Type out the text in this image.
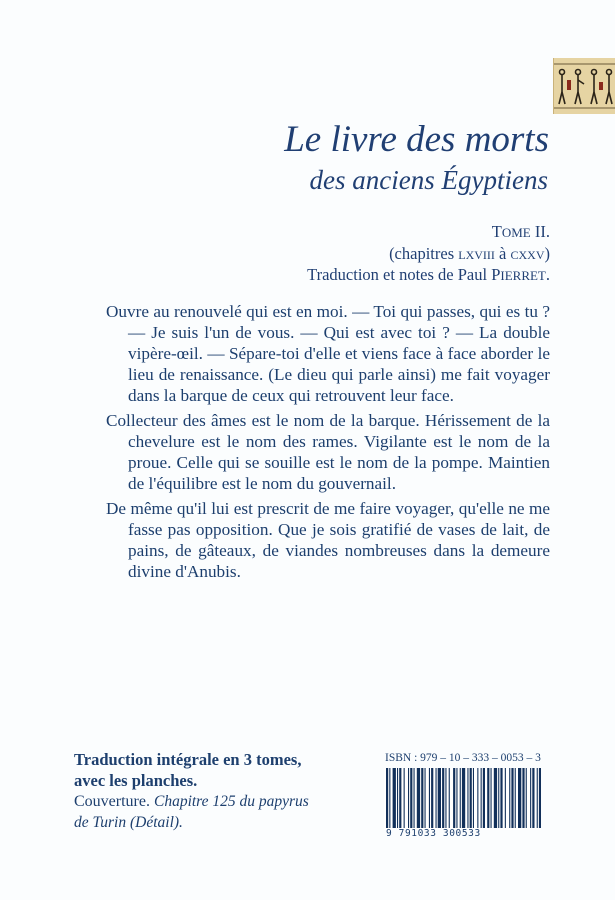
Le livre des morts
des anciens Égyptiens
TOME II.
(chapitres lxviii à cxxv)
Traduction et notes de Paul PIERRET.

Ouvre au renouvelé qui est en moi. — Toi qui passes, qui es tu ? — Je suis l'un de vous. — Qui est avec toi ? — La double vipère-œil. — Sépare-toi d'elle et viens face à face aborder le lieu de renaissance. (Le dieu qui parle ainsi) me fait voyager dans la barque de ceux qui retrouvent leur face.

Collecteur des âmes est le nom de la barque. Hérissement de la chevelure est le nom des rames. Vigilante est le nom de la proue. Celle qui se souille est le nom de la pompe. Maintien de l'équilibre est le nom du gouvernail.

De même qu'il lui est prescrit de me faire voyager, qu'elle ne me fasse pas opposition. Que je sois gratifié de vases de lait, de pains, de gâteaux, de viandes nombreuses dans la demeure divine d'Anubis.

Traduction intégrale en 3 tomes,
avec les planches.
Couverture. Chapitre 125 du papyrus
de Turin (Détail).
ISBN : 979 – 10 – 333 – 0053 – 3
9 791033 300533
